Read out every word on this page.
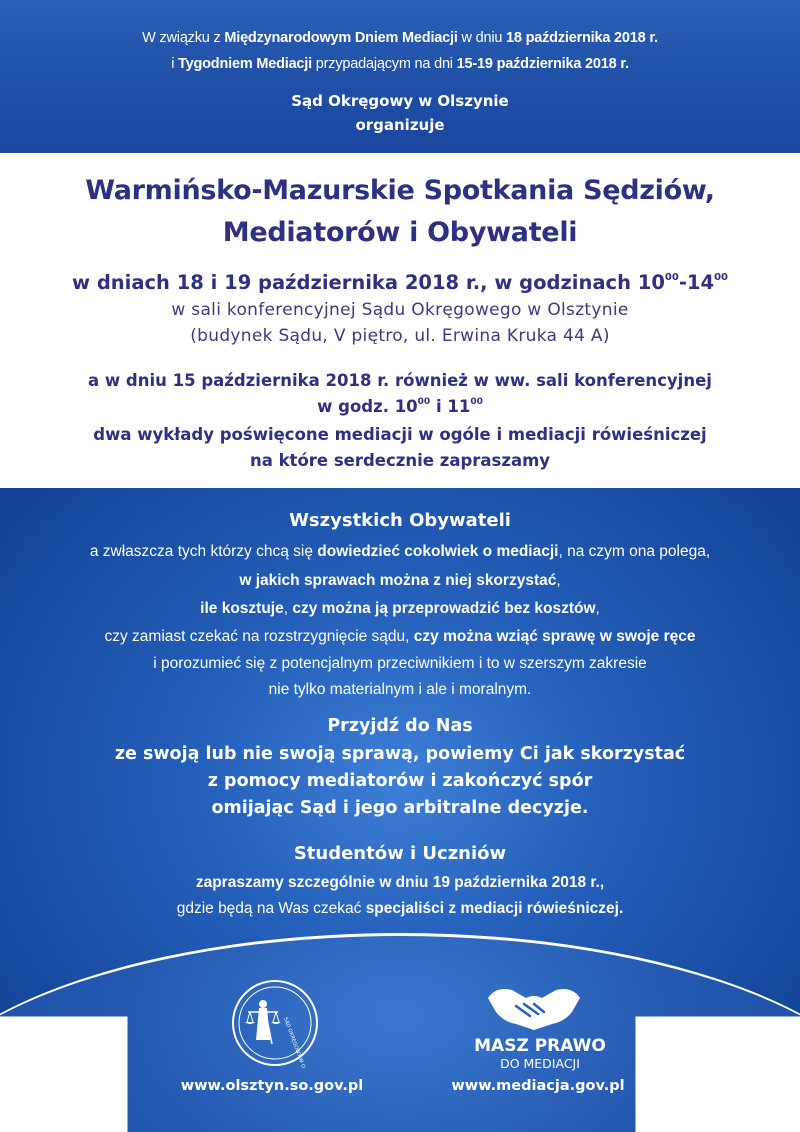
W związku z Międzynarodowym Dniem Mediacji w dniu 18 października 2018 r.
i Tygodniem Mediacji przypadającym na dni 15-19 października 2018 r.
Sąd Okręgowy w Olszynie
organizuje
Warmińsko-Mazurskie Spotkania Sędziów,
Mediatorów i Obywateli
w dniach 18 i 19 października 2018 r., w godzinach $10^{00}-14^{00}$
w sali konferencyjnej Sądu Okręgowego w Olsztynie
(budynek Sądu, V piętro, ul. Erwina Kruka 44 A)
a w dniu 15 października 2018 r. również w ww. sali konferencyjnej
w godz. $10^{00}$ i $11^{00}$
dwa wykłady poświęcone mediacji w ogóle i mediacji rówieśniczej
na które serdecznie zapraszamy
Wszystkich Obywateli
a zwłaszcza tych którzy chcą się dowiedzieć cokolwiek o mediacji, na czym ona polega,
w jakich sprawach można z niej skorzystać,
ile kosztuje, czy można ją przeprowadzić bez kosztów,
czy zamiast czekać na rozstrzygnięcie sądu, czy można wziąć sprawę w swoje ręce
i porozumieć się z potencjalnym przeciwnikiem i to w szerszym zakresie
nie tylko materialnym i ale i moralnym.
Przyjdź do Nas
ze swoją lub nie swoją sprawą, powiemy Ci jak skorzystać
z pomocy mediatorów i zakończyć spór
omijając Sąd i jego arbitralne decyzje.
Studentów i Uczniów
zapraszamy szczególnie w dniu 19 października 2018 r.,
gdzie będą na Was czekać specjaliści z mediacji rówieśniczej.
SĄD OKRĘGOWY W OLSZTYNIE	MASZ PRAWO
DO MEDIACJI
www.olsztyn.so.gov.pl	www.mediacja.gov.pl
